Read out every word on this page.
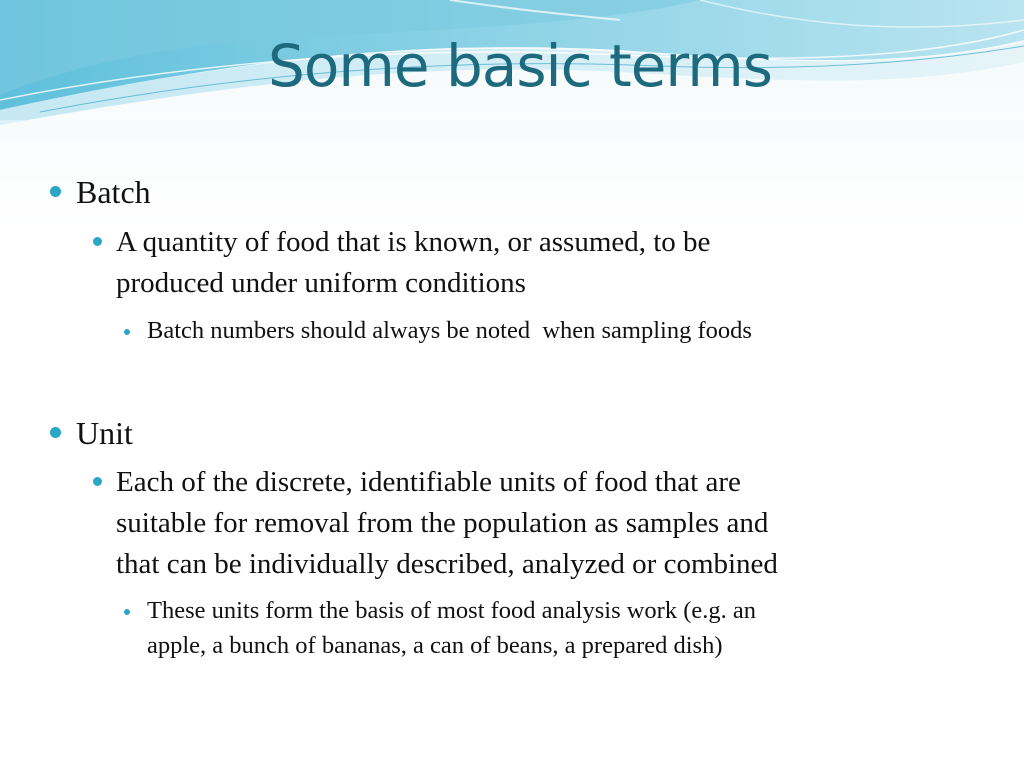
Some basic terms
Batch
A quantity of food that is known, or assumed, to be
produced under uniform conditions
Batch numbers should always be noted  when sampling foods
Unit
Each of the discrete, identifiable units of food that are
suitable for removal from the population as samples and
that can be individually described, analyzed or combined
These units form the basis of most food analysis work (e.g. an
apple, a bunch of bananas, a can of beans, a prepared dish)
